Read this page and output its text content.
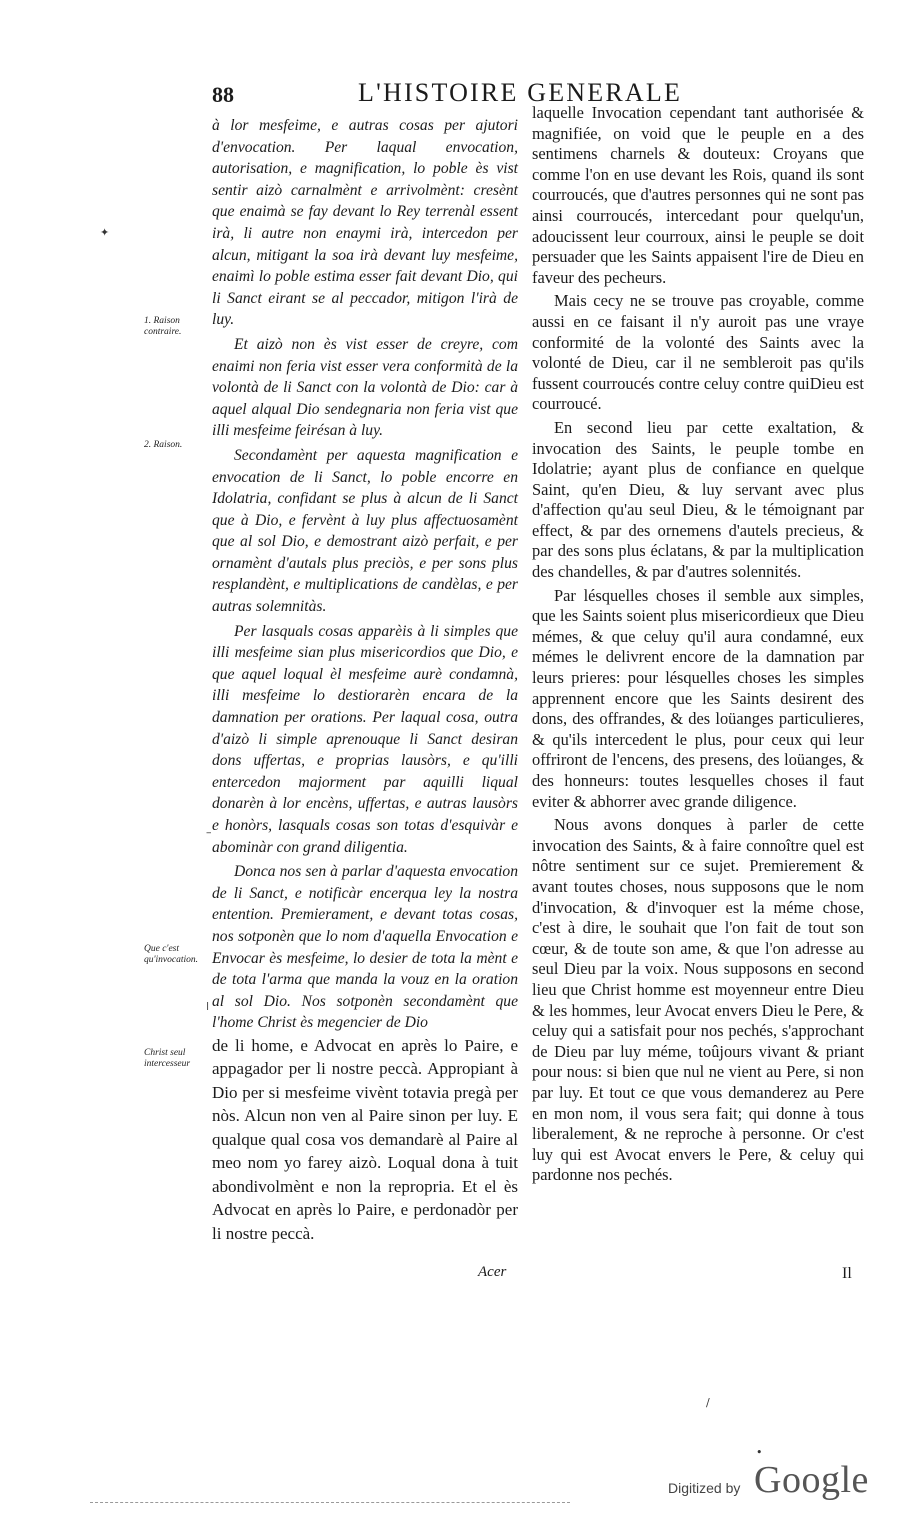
88	L'HISTOIRE GENERALE
1. Raison contraire.
2. Raison.
Que c'est qu'invocation.
Christ seul intercesseur
✦
–
ǀ

à lor mesfeime, e autras cosas per ajutori d'envocation. Per laqual envocation, autorisation, e magnification, lo poble ès vist sentir aizò carnalmènt e arrivolmènt: cresènt que enaimà se fay devant lo Rey terrenàl essent irà, li autre non enaymi irà, intercedon per alcun, mitigant la soa irà devant luy mesfeime, enaimì lo poble estima esser fait devant Dio, qui li Sanct eirant se al peccador, mitigon l'irà de luy.

Et aizò non ès vist esser de creyre, com enaimi non feria vist esser vera conformità de la volontà de li Sanct con la volontà de Dio: car à aquel alqual Dio sendegnaria non feria vist que illi mesfeime feirésan à luy.

Secondamènt per aquesta magnification e envocation de li Sanct, lo poble encorre en Idolatria, confidant se plus à alcun de li Sanct que à Dio, e fervènt à luy plus affectuosamènt que al sol Dio, e demostrant aizò perfait, e per ornamènt d'autals plus preciòs, e per sons plus resplandènt, e multiplications de candèlas, e per autras solemnitàs.

Per lasquals cosas apparèis à li simples que illi mesfeime sian plus misericordios que Dio, e que aquel loqual èl mesfeime aurè condamnà, illi mesfeime lo destiorarèn encara de la damnation per orations. Per laqual cosa, outra d'aizò li simple aprenouque li Sanct desiran dons uffertas, e proprias lausòrs, e qu'illi entercedon majorment par aquilli liqual donarèn à lor encèns, uffertas, e autras lausòrs e honòrs, lasquals cosas son totas d'esquivàr e abominàr con grand diligentia.

Donca nos sen à parlar d'aquesta envocation de li Sanct, e notificàr encerqua ley la nostra entention. Premierament, e devant totas cosas, nos sotponèn que lo nom d'aquella Envocation e Envocar ès mesfeime, lo desier de tota la mènt e de tota l'arma que manda la vouz en la oration al sol Dio. Nos sotponèn secondamènt que l'home Christ ès megencier de Dio

de li home, e Advocat en après lo Paire, e appagador per li nostre peccà. Appropiant à Dio per si mesfeime vivènt totavia pregà per nòs. Alcun non ven al Paire sinon per luy. E qualque qual cosa vos demandarè al Paire al meo nom yo farey aizò. Loqual dona à tuit abondivolmènt e non la repropria. Et el ès Advocat en après lo Paire, e perdonadòr per li nostre peccà.

Acer

laquelle Invocation cependant tant authorisée & magnifiée, on void que le peuple en a des sentimens charnels & douteux: Croyans que comme l'on en use devant les Rois, quand ils sont courroucés, que d'autres personnes qui ne sont pas ainsi courroucés, intercedant pour quelqu'un, adoucissent leur courroux, ainsi le peuple se doit persuader que les Saints appaisent l'ire de Dieu en faveur des pecheurs.

Mais cecy ne se trouve pas croyable, comme aussi en ce faisant il n'y auroit pas une vraye conformité de la volonté des Saints avec la volonté de Dieu, car il ne sembleroit pas qu'ils fussent courroucés contre celuy contre quiDieu est courroucé.

En second lieu par cette exaltation, & invocation des Saints, le peuple tombe en Idolatrie; ayant plus de confiance en quelque Saint, qu'en Dieu, & luy servant avec plus d'affection qu'au seul Dieu, & le témoignant par effect, & par des ornemens d'autels precieus, & par des sons plus éclatans, & par la multiplication des chandelles, & par d'autres solennités.

Par lésquelles choses il semble aux simples, que les Saints soient plus misericordieux que Dieu mémes, & que celuy qu'il aura condamné, eux mémes le delivrent encore de la damnation par leurs prieres: pour lésquelles choses les simples apprennent encore que les Saints desirent des dons, des offrandes, & des loüanges particulieres, & qu'ils intercedent le plus, pour ceux qui leur offriront de l'encens, des presens, des loüanges, & des honneurs: toutes lesquelles choses il faut eviter & abhorrer avec grande diligence.

Nous avons donques à parler de cette invocation des Saints, & à faire connoître quel est nôtre sentiment sur ce sujet. Premierement & avant toutes choses, nous supposons que le nom d'invocation, & d'invoquer est la méme chose, c'est à dire, le souhait que l'on fait de tout son cœur, & de toute son ame, & que l'on adresse au seul Dieu par la voix. Nous supposons en second lieu que Christ homme est moyenneur entre Dieu & les hommes, leur Avocat envers Dieu le Pere, & celuy qui a satisfait pour nos pechés, s'approchant de Dieu par luy méme, toûjours vivant & priant pour nous: si bien que nul ne vient au Pere, si non par luy. Et tout ce que vous demanderez au Pere en mon nom, il vous sera fait; qui donne à tous liberalement, & ne reproche à personne. Or c'est luy qui est Avocat envers le Pere, & celuy qui pardonne nos pechés.

Il
/
•
Digitized by Google
